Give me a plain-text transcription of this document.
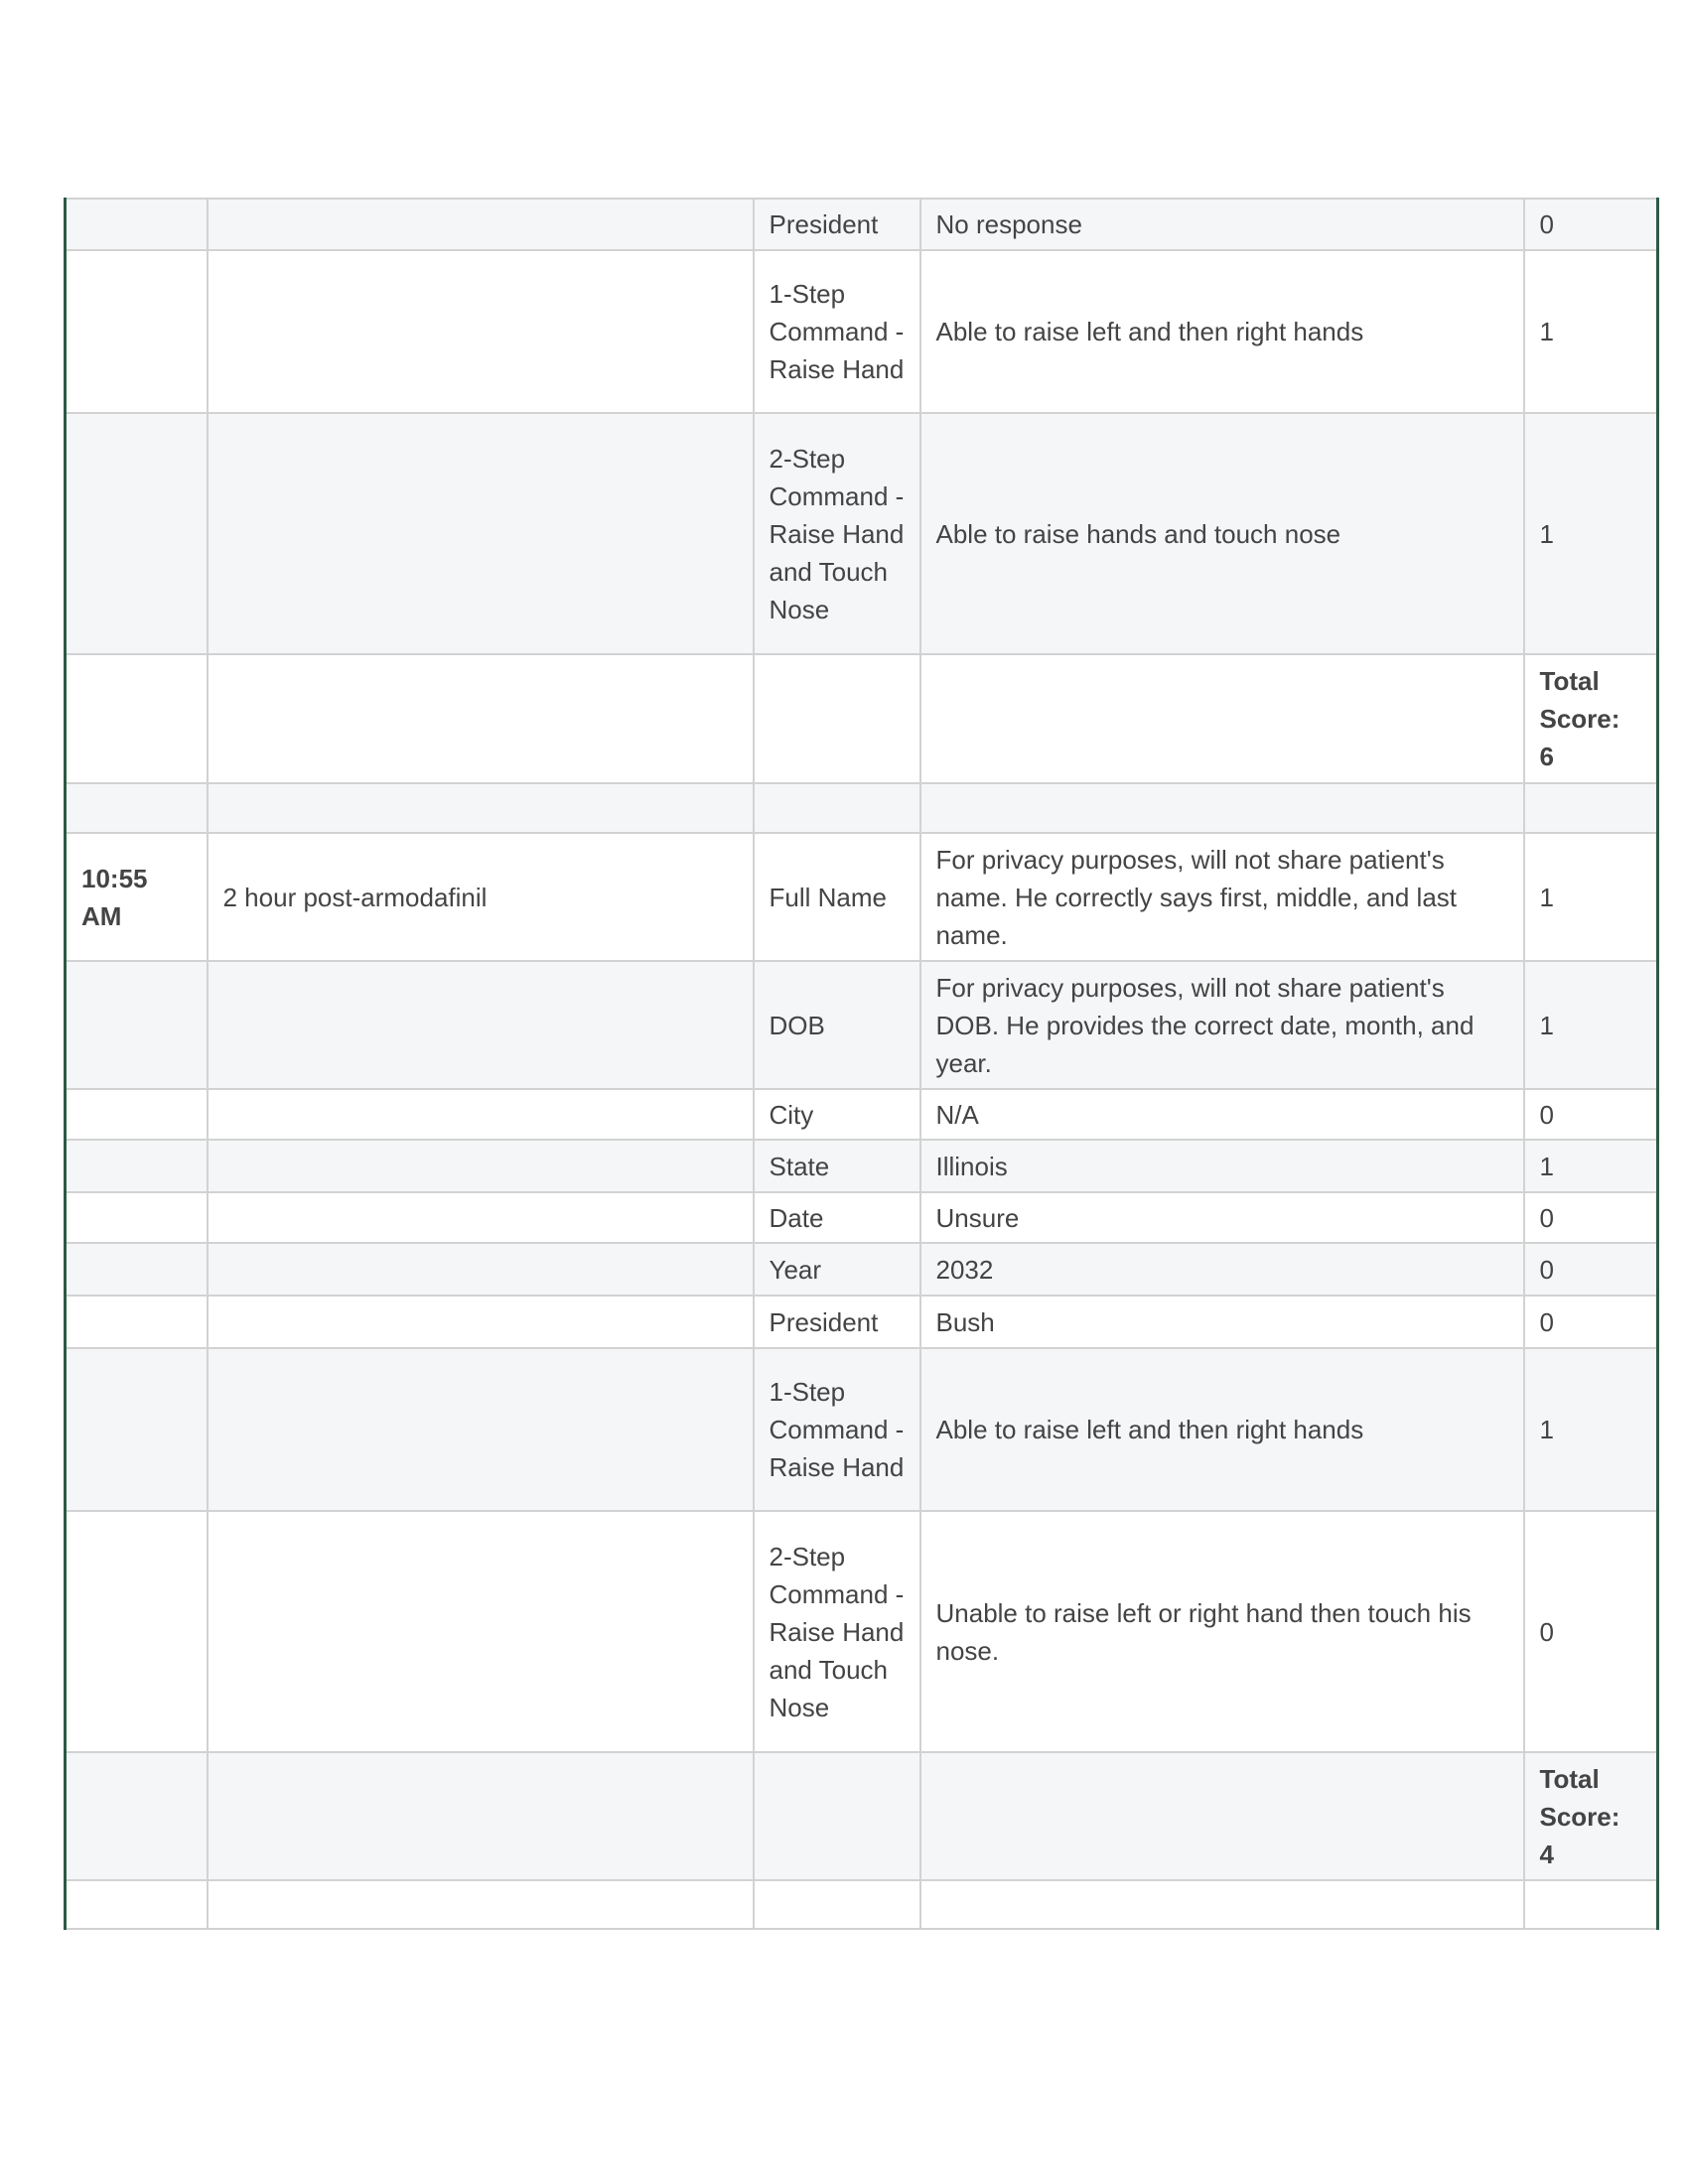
		President	No response	0
		1-Step Command - Raise Hand	Able to raise left and then right hands	1
		2-Step Command - Raise Hand and Touch Nose	Able to raise hands and touch nose	1
				Total Score: 6

10:55 AM	2 hour post-armodafinil	Full Name	For privacy purposes, will not share patient's name. He correctly says first, middle, and last name.	1
		DOB	For privacy purposes, will not share patient's DOB. He provides the correct date, month, and year.	1
		City	N/A	0
		State	Illinois	1
		Date	Unsure	0
		Year	2032	0
		President	Bush	0
		1-Step Command - Raise Hand	Able to raise left and then right hands	1
		2-Step Command - Raise Hand and Touch Nose	Unable to raise left or right hand then touch his nose.	0
				Total Score: 4
